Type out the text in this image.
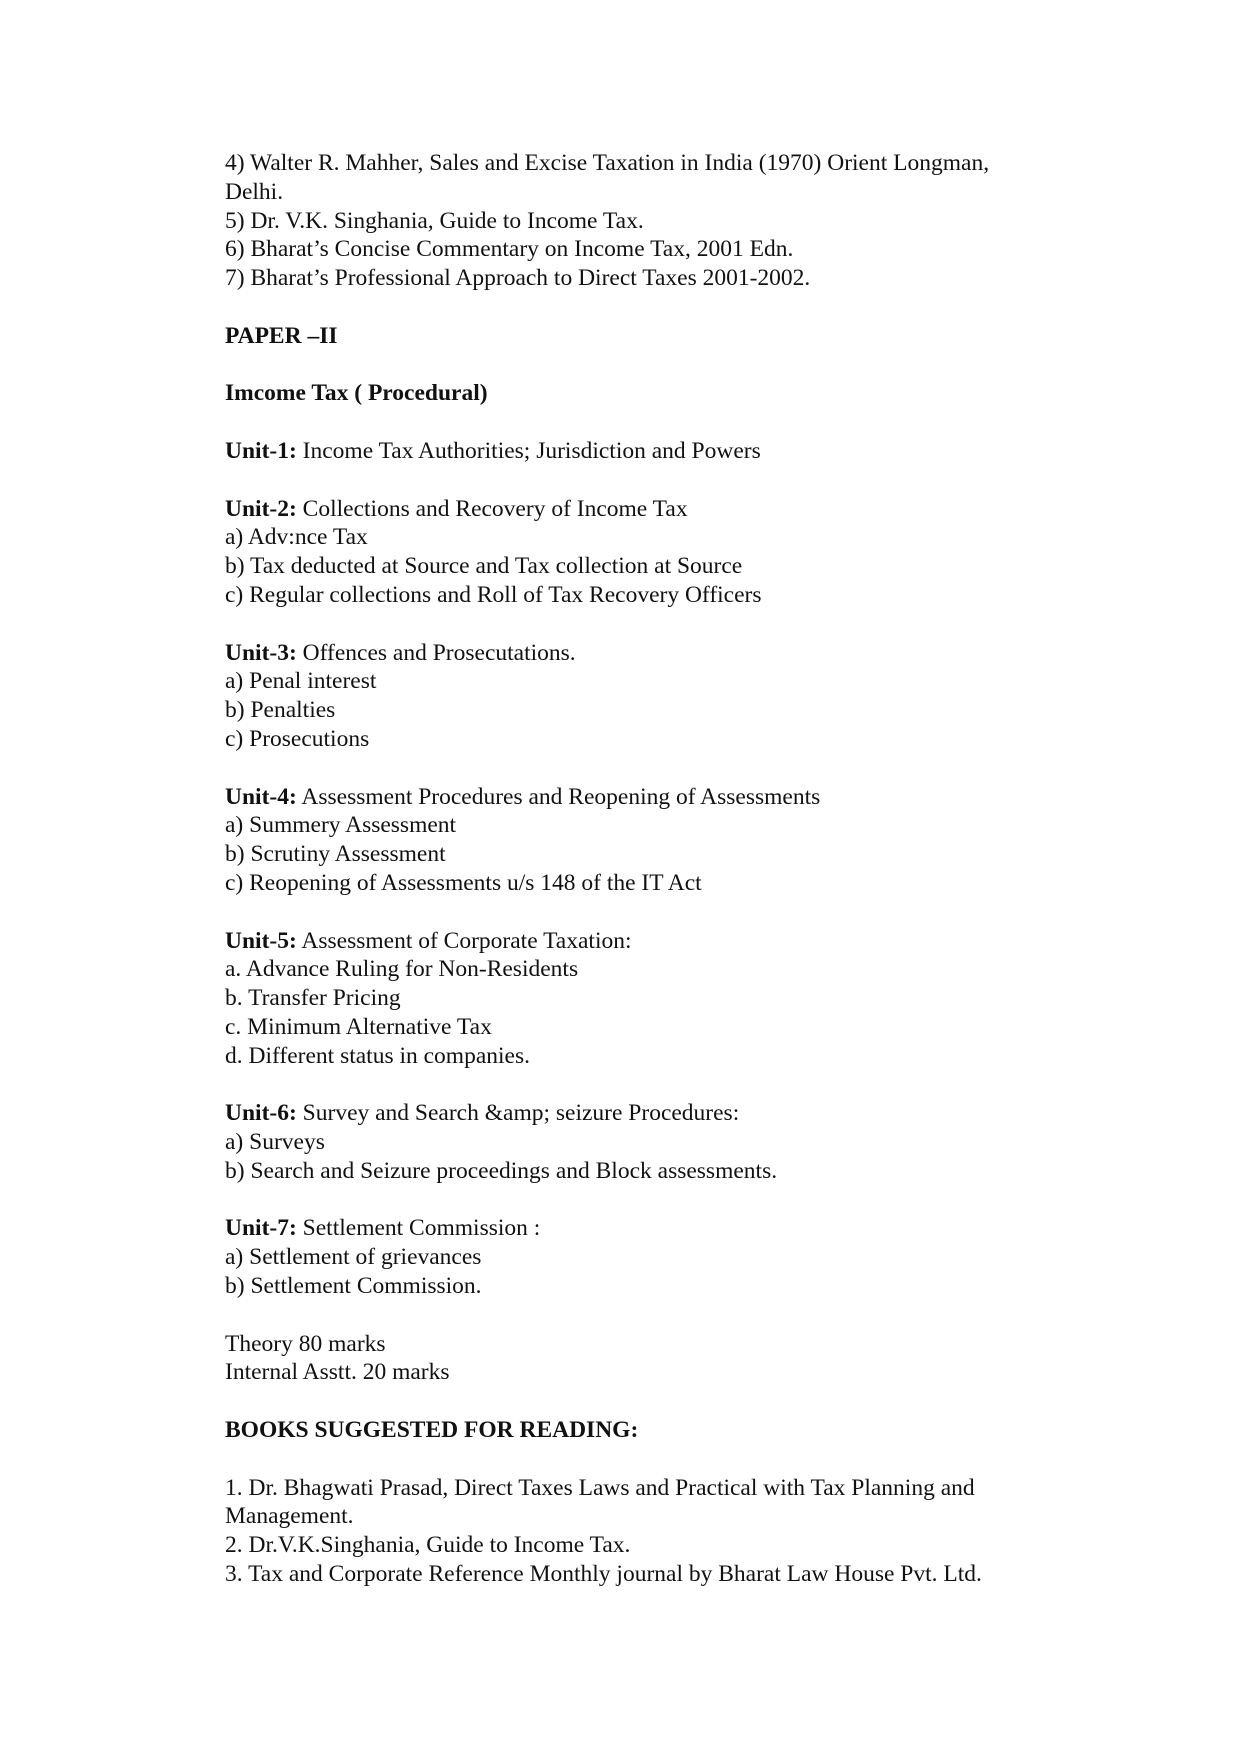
4) Walter R. Mahher, Sales and Excise Taxation in India (1970) Orient Longman,
Delhi.
5) Dr. V.K. Singhania, Guide to Income Tax.
6) Bharat’s Concise Commentary on Income Tax, 2001 Edn.
7) Bharat’s Professional Approach to Direct Taxes 2001-2002.
PAPER –II
Imcome Tax ( Procedural)
Unit-1: Income Tax Authorities; Jurisdiction and Powers
Unit-2: Collections and Recovery of Income Tax
a) Adv:nce Tax
b) Tax deducted at Source and Tax collection at Source
c) Regular collections and Roll of Tax Recovery Officers
Unit-3: Offences and Prosecutations.
a) Penal interest
b) Penalties
c) Prosecutions
Unit-4: Assessment Procedures and Reopening of Assessments
a) Summery Assessment
b) Scrutiny Assessment
c) Reopening of Assessments u/s 148 of the IT Act
Unit-5: Assessment of Corporate Taxation:
a. Advance Ruling for Non-Residents
b. Transfer Pricing
c. Minimum Alternative Tax
d. Different status in companies.
Unit-6: Survey and Search &amp; seizure Procedures:
a) Surveys
b) Search and Seizure proceedings and Block assessments.
Unit-7: Settlement Commission :
a) Settlement of grievances
b) Settlement Commission.
Theory 80 marks
Internal Asstt. 20 marks
BOOKS SUGGESTED FOR READING:
1. Dr. Bhagwati Prasad, Direct Taxes Laws and Practical with Tax Planning and
Management.
2. Dr.V.K.Singhania, Guide to Income Tax.
3. Tax and Corporate Reference Monthly journal by Bharat Law House Pvt. Ltd.
